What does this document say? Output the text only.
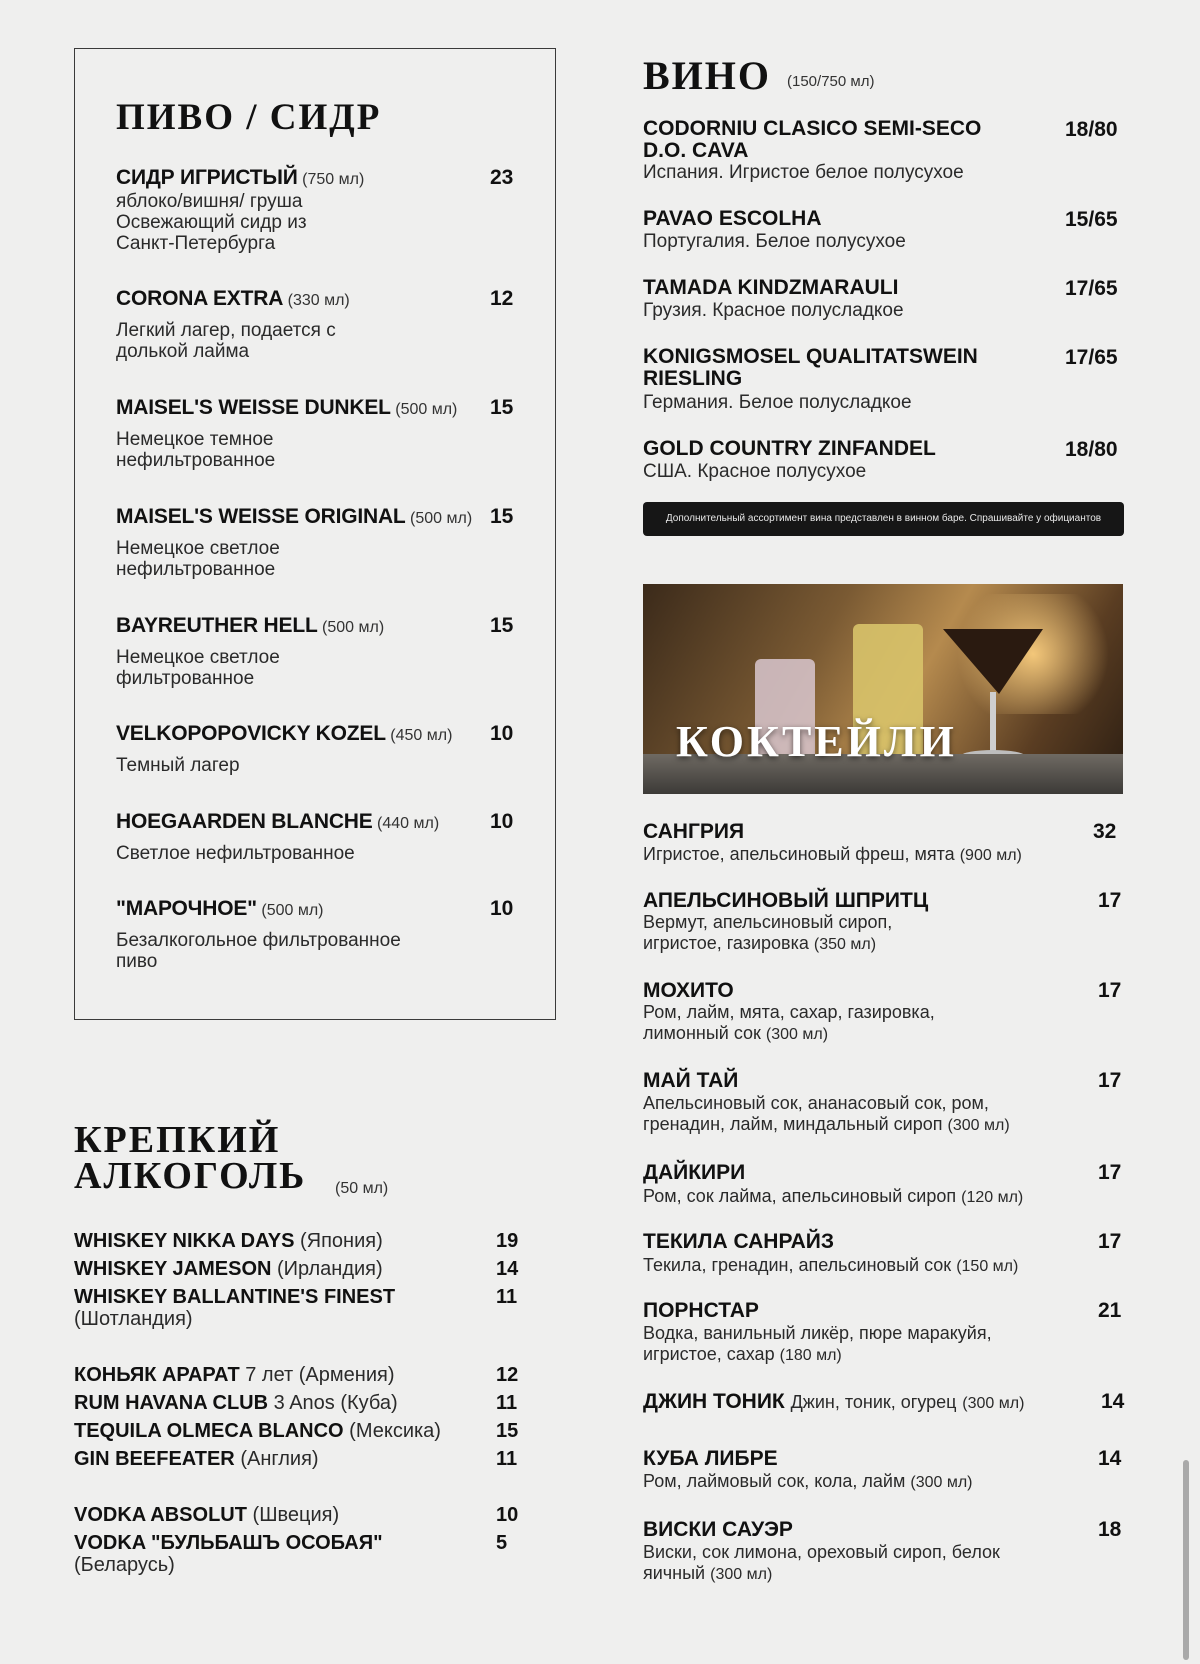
ПИВО / СИДР
СИДР ИГРИСТЫЙ (750 мл)	23
яблоко/вишня/ груша
Освежающий сидр из
Санкт-Петербурга
CORONA EXTRA (330 мл)	12
Легкий лагер, подается с
долькой лайма
MAISEL'S WEISSE DUNKEL (500 мл) 15
Немецкое темное
нефильтрованное
MAISEL'S WEISSE ORIGINAL (500 мл) 15
Немецкое светлое
нефильтрованное
BAYREUTHER HELL (500 мл)	15
Немецкое светлое
фильтрованное
VELKOPOPOVICKY KOZEL (450 мл) 10
Темный лагер
HOEGAARDEN BLANCHE (440 мл) 10
Светлое нефильтрованное
"МАРОЧНОЕ" (500 мл)	10
Безалкогольное фильтрованное
пиво
КРЕПКИЙ
АЛКОГОЛЬ (50 мл)
WHISKEY NIKKA DAYS (Япония)	19
WHISKEY JAMESON (Ирландия)	14
WHISKEY BALLANTINE'S FINEST
(Шотландия)
11
КОНЬЯК АРАРАТ 7 лет (Армения)	12
RUM HAVANA CLUB 3 Anos (Куба)	11
TEQUILA OLMECA BLANCO (Мексика)	15
GIN BEEFEATER (Англия)	11
VODKA ABSOLUT (Швеция)	10
VODKA "БУЛЬБАШЪ ОСОБАЯ"
(Беларусь)
5
ВИНО (150/750 мл)
CODORNIU CLASICO SEMI-SECO D.O. CAVA
18/80
Испания. Игристое белое полусухое
PAVAO ESCOLHA	15/65
Португалия. Белое полусухое
TAMADA KINDZMARAULI	17/65
Грузия. Красное полусладкое
KONIGSMOSEL QUALITATSWEIN RIESLING
17/65
Германия. Белое полусладкое
GOLD COUNTRY ZINFANDEL	18/80
США. Красное полусухое
Дополнительный ассортимент вина представлен в винном баре. Спрашивайте у официантов
КОКТЕЙЛИ
САНГРИЯ	32
Игристое, апельсиновый фреш, мята (900 мл)
АПЕЛЬСИНОВЫЙ ШПРИТЦ	17
Вермут, апельсиновый сироп, игристое, газировка (350 мл)
МОХИТО	17
Ром, лайм, мята, сахар, газировка, лимонный сок (300 мл)
МАЙ ТАЙ	17
Апельсиновый сок, ананасовый сок, ром, гренадин, лайм, миндальный сироп (300 мл)
ДАЙКИРИ	17
Ром, сок лайма, апельсиновый сироп (120 мл)
ТЕКИЛА САНРАЙЗ	17
Текила, гренадин, апельсиновый сок (150 мл)
ПОРНСТАР	21
Водка, ванильный ликёр, пюре маракуйя, игристое, сахар (180 мл)
ДЖИН ТОНИК Джин, тоник, огурец (300 мл)	14
КУБА ЛИБРЕ	14
Ром, лаймовый сок, кола, лайм (300 мл)
ВИСКИ САУЭР	18
Виски, сок лимона, ореховый сироп, белок яичный (300 мл)
